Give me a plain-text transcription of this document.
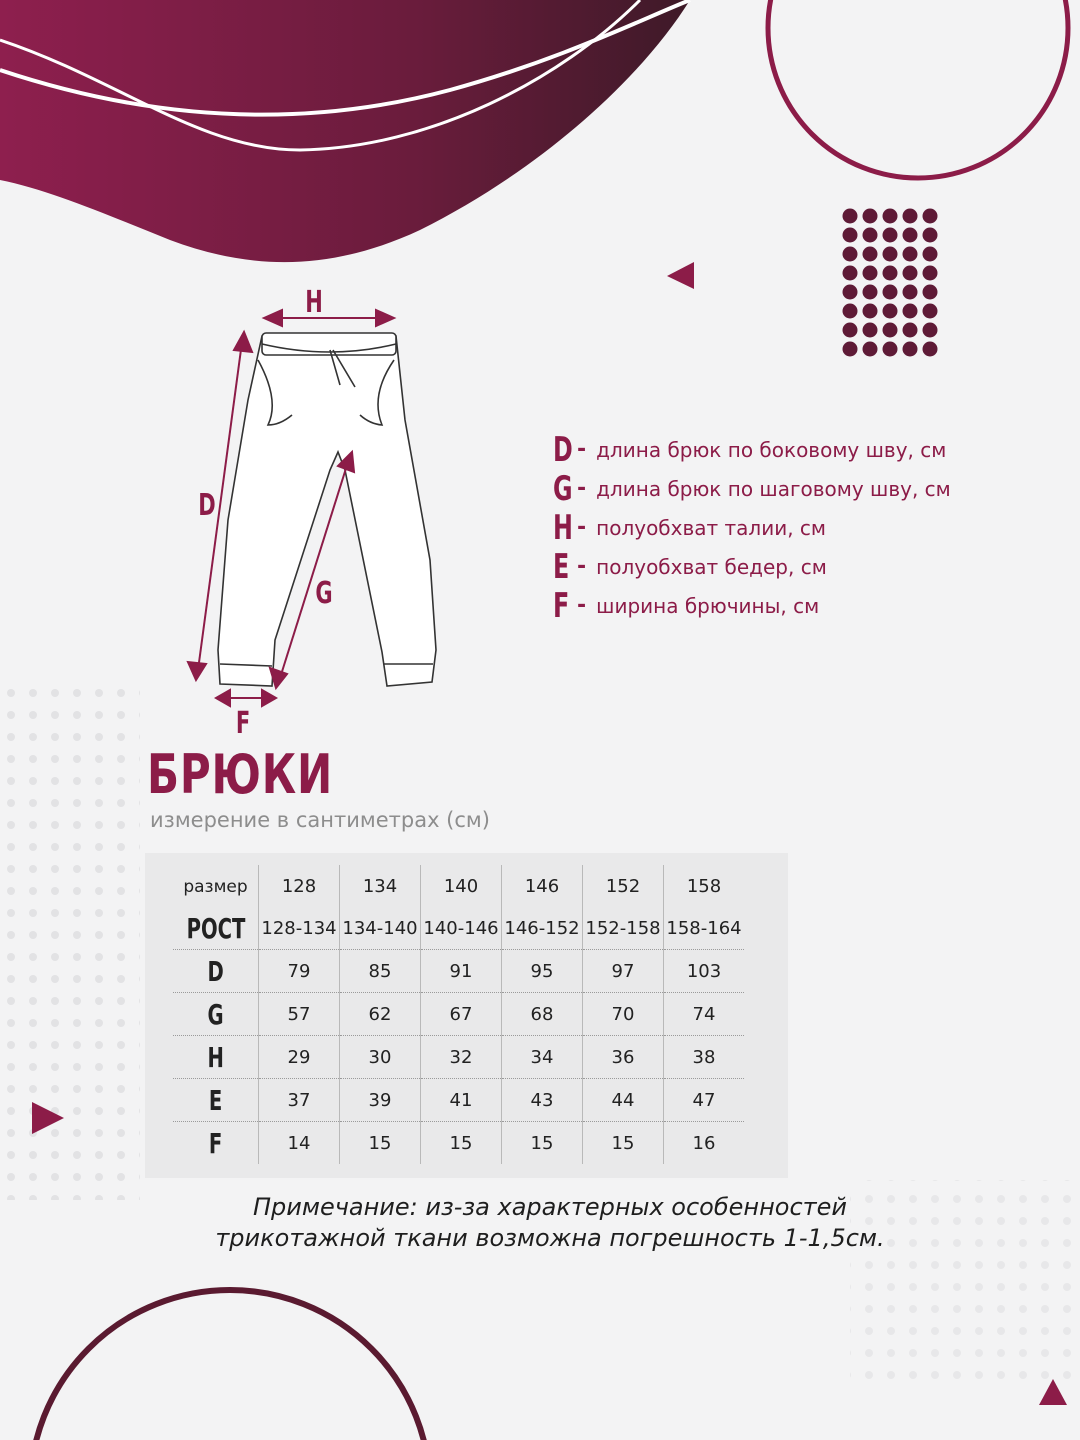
H
D
G
F
D - длина брюк по боковому шву, см
G - длина брюк по шаговому шву, см
H - полуобхват талии, см
E - полуобхват бедер, см
F - ширина брючины, см
БРЮКИ
измерение в сантиметрах (см)
размер	128	134	140	146	152	158
РОСТ	128-134	134-140	140-146	146-152	152-158	158-164
D	79	85	91	95	97	103
G	57	62	67	68	70	74
H	29	30	32	34	36	38
E	37	39	41	43	44	47
F	14	15	15	15	15	16
Примечание: из-за характерных особенностей
трикотажной ткани возможна погрешность 1-1,5см.
